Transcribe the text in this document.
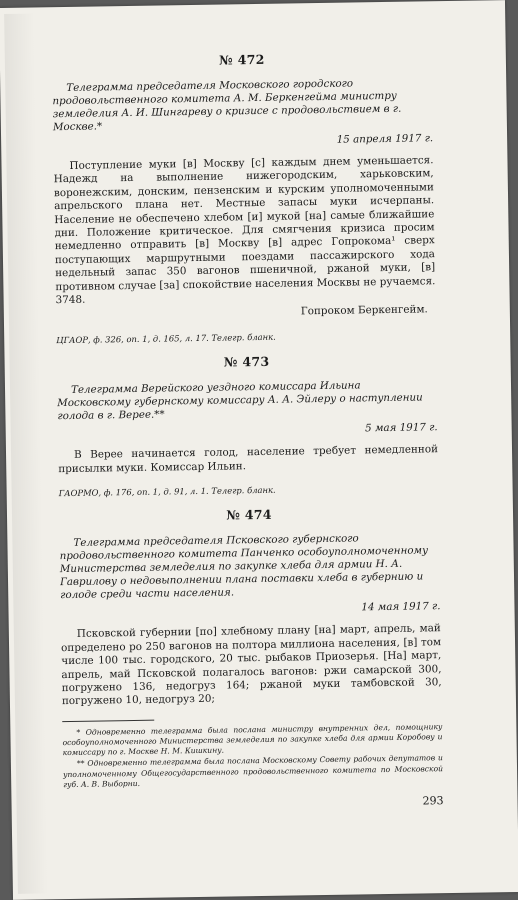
№ 472

Телеграмма председателя Московского городского продовольственного комитета А. М. Беркенгейма министру земледелия А. И. Шингареву о кризисе с продовольствием в г. Москве.*

15 апреля 1917 г.

Поступление муки [в] Москву [с] каждым днем уменьшается. Надежд на выполнение нижегородским, харьковским, воронежским, донским, пензенским и курским уполномоченными апрельского плана нет. Местные запасы муки исчерпаны. Население не обеспечено хлебом [и] мукой [на] самые ближайшие дни. Положение критическое. Для смягчения кризиса просим немедленно отправить [в] Москву [в] адрес Гопрокома¹ сверх поступающих маршрутными поездами пассажирского хода недельный запас 350 вагонов пшеничной, ржаной муки, [в] противном случае [за] спокойствие населения Москвы не ручаемся. 3748.

Гопроком Беркенгейм.
ЦГАОР, ф. 326, оп. 1, д. 165, л. 17. Телегр. бланк.
№ 473

Телеграмма Верейского уездного комиссара Ильина Московскому губернскому комиссару А. А. Эйлеру о наступлении голода в г. Верее.**

5 мая 1917 г.

В Верее начинается голод, население требует немедленной присылки муки. Комиссар Ильин.

ГАОРМО, ф. 176, оп. 1, д. 91, л. 1. Телегр. бланк.
№ 474

Телеграмма председателя Псковского губернского продовольственного комитета Панченко особоуполномоченному Министерства земледелия по закупке хлеба для армии Н. А. Гаврилову о недовыполнении плана поставки хлеба в губернию и голоде среди части населения.

14 мая 1917 г.

Псковской губернии [по] хлебному плану [на] март, апрель, май определено ро 250 вагонов на полтора миллиона населения, [в] том числе 100 тыс. городского, 20 тыс. рыбаков Приозерья. [На] март, апрель, май Псковской полагалось вагонов: ржи самарской 300, погружено 136, недогруз 164; ржаной муки тамбовской 30, погружено 10, недогруз 20;

* Одновременно телеграмма была послана министру внутренних дел, помощнику особоуполномоченного Министерства земледелия по закупке хлеба для армии Коробову и комиссару по г. Москве Н. М. Кишкину.

** Одновременно телеграмма была послана Московскому Совету рабочих депутатов и уполномоченному Общегосударственного продовольственного комитета по Московской губ. А. В. Выборни.

293
